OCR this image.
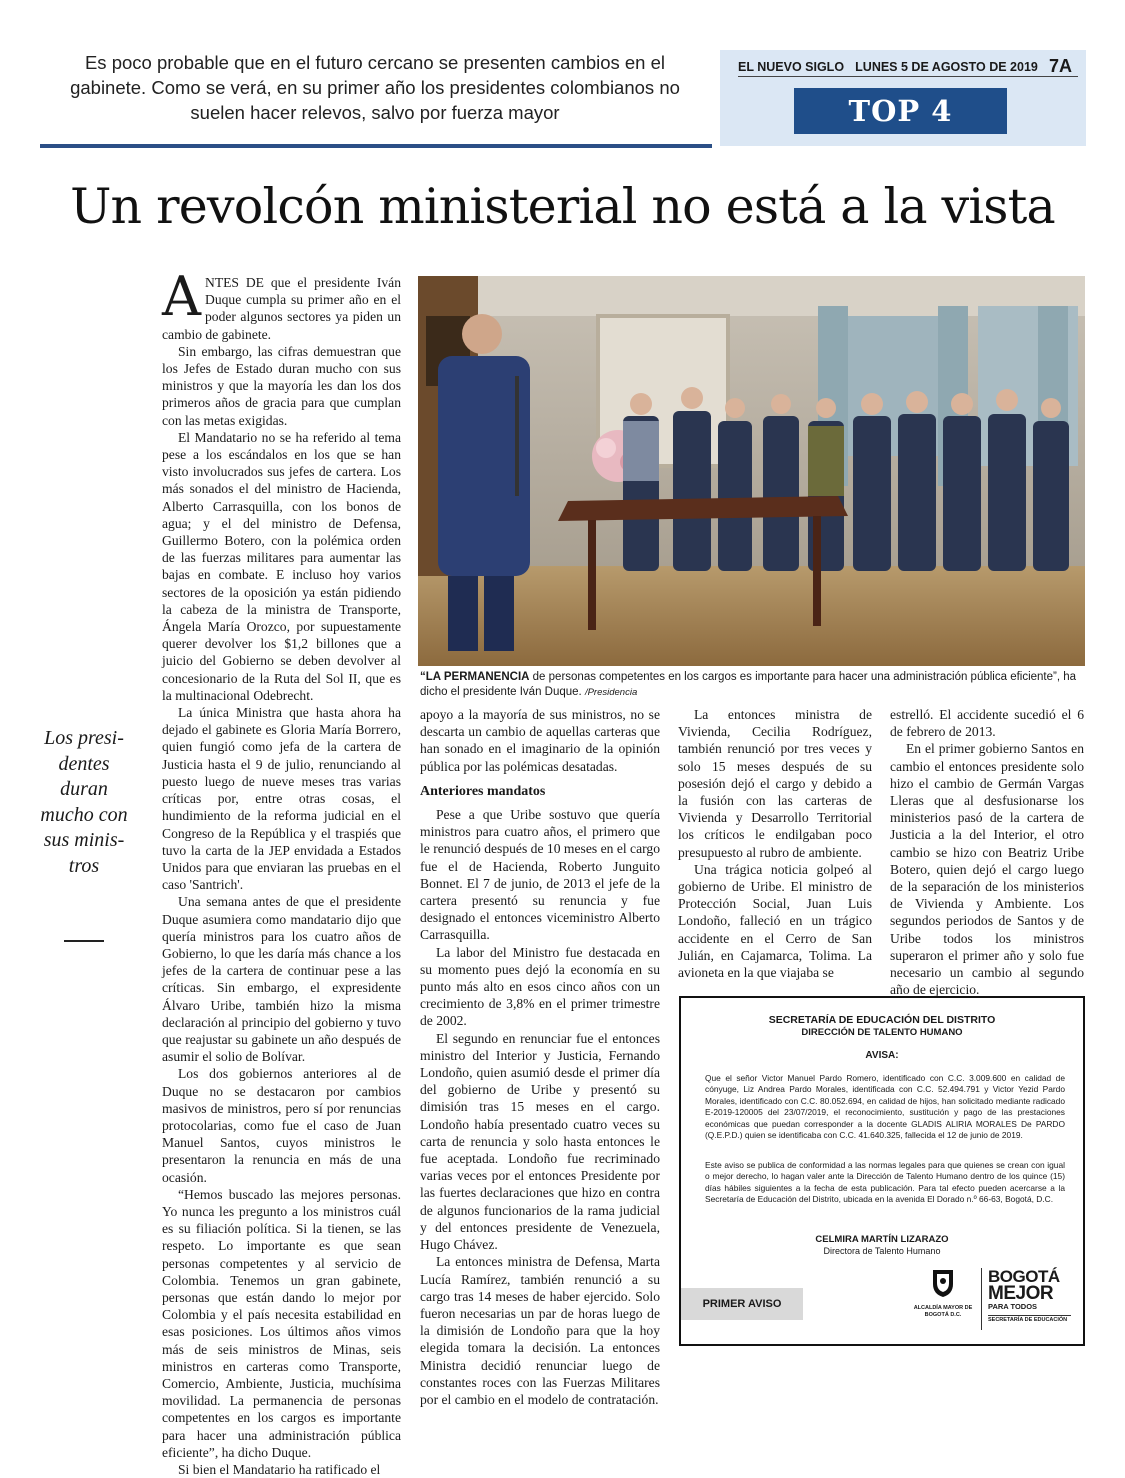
Es poco probable que en el futuro cercano se presenten cambios en el gabinete. Como se verá, en su primer año los presidentes colombianos no suelen hacer relevos, salvo por fuerza mayor
EL NUEVO SIGLO LUNES 5 DE AGOSTO DE 2019 7A
TOP 4
Un revolcón ministerial no está a la vista

ANTES DE que el presidente Iván Duque cumpla su primer año en el poder algunos sectores ya piden un cambio de gabinete.

Sin embargo, las cifras demuestran que los Jefes de Estado duran mucho con sus ministros y que la mayoría les dan los dos primeros años de gracia para que cumplan con las metas exigidas.

El Mandatario no se ha referido al tema pese a los escándalos en los que se han visto involucrados sus jefes de cartera. Los más sonados el del ministro de Hacienda, Alberto Carrasquilla, con los bonos de agua; y el del ministro de Defensa, Guillermo Botero, con la polémica orden de las fuerzas militares para aumentar las bajas en combate. E incluso hoy varios sectores de la oposición ya están pidiendo la cabeza de la ministra de Transporte, Ángela María Orozco, por supuestamente querer devolver los $1,2 billones que a juicio del Gobierno se deben devolver al concesionario de la Ruta del Sol II, que es la multinacional Odebrecht.

La única Ministra que hasta ahora ha dejado el gabinete es Gloria María Borrero, quien fungió como jefa de la cartera de Justicia hasta el 9 de julio, renunciando al puesto luego de nueve meses tras varias críticas por, entre otras cosas, el hundimiento de la reforma judicial en el Congreso de la República y el traspiés que tuvo la carta de la JEP envidada a Estados Unidos para que enviaran las pruebas en el caso 'Santrich'.

Una semana antes de que el presidente Duque asumiera como mandatario dijo que quería ministros para los cuatro años de Gobierno, lo que les daría más chance a los jefes de la cartera de continuar pese a las críticas. Sin embargo, el expresidente Álvaro Uribe, también hizo la misma declaración al principio del gobierno y tuvo que reajustar su gabinete un año después de asumir el solio de Bolívar.

Los dos gobiernos anteriores al de Duque no se destacaron por cambios masivos de ministros, pero sí por renuncias protocolarias, como fue el caso de Juan Manuel Santos, cuyos ministros le presentaron la renuncia en más de una ocasión.

“Hemos buscado las mejores personas. Yo nunca les pregunto a los ministros cuál es su filiación política. Si la tienen, se las respeto. Lo importante es que sean personas competentes y al servicio de Colombia. Tenemos un gran gabinete, personas que están dando lo mejor por Colombia y el país necesita estabilidad en esas posiciones. Los últimos años vimos más de seis ministros de Minas, seis ministros en carteras como Transporte, Comercio, Ambiente, Justicia, muchísima movilidad. La permanencia de personas competentes en los cargos es importante para hacer una administración pública eficiente”, ha dicho Duque.

Si bien el Mandatario ha ratificado el

“LA PERMANENCIA de personas competentes en los cargos es importante para hacer una administración pública eficiente”, ha dicho el presidente Iván Duque. /Presidencia
Los presi- dentes duran mucho con sus minis- tros

apoyo a la mayoría de sus ministros, no se descarta un cambio de aquellas carteras que han sonado en el imaginario de la opinión pública por las polémicas desatadas.

Anteriores mandatos

Pese a que Uribe sostuvo que quería ministros para cuatro años, el primero que le renunció después de 10 meses en el cargo fue el de Hacienda, Roberto Junguito Bonnet. El 7 de junio, de 2013 el jefe de la cartera presentó su renuncia y fue designado el entonces viceministro Alberto Carrasquilla.

La labor del Ministro fue destacada en su momento pues dejó la economía en su punto más alto en esos cinco años con un crecimiento de 3,8% en el primer trimestre de 2002.

El segundo en renunciar fue el entonces ministro del Interior y Justicia, Fernando Londoño, quien asumió desde el primer día del gobierno de Uribe y presentó su dimisión tras 15 meses en el cargo. Londoño había presentado cuatro veces su carta de renuncia y solo hasta entonces le fue aceptada. Londoño fue recriminado varias veces por el entonces Presidente por las fuertes declaraciones que hizo en contra de algunos funcionarios de la rama judicial y del entonces presidente de Venezuela, Hugo Chávez.

La entonces ministra de Defensa, Marta Lucía Ramírez, también renunció a su cargo tras 14 meses de haber ejercido. Solo fueron necesarias un par de horas luego de la dimisión de Londoño para que la hoy elegida tomara la decisión. La entonces Ministra decidió renunciar luego de constantes roces con las Fuerzas Militares por el cambio en el modelo de contratación.

La entonces ministra de Vivienda, Cecilia Rodríguez, también renunció por tres veces y solo 15 meses después de su posesión dejó el cargo y debido a la fusión con las carteras de Vivienda y Desarrollo Territorial los críticos le endilgaban poco presupuesto al rubro de ambiente.

Una trágica noticia golpeó al gobierno de Uribe. El ministro de Protección Social, Juan Luis Londoño, falleció en un trágico accidente en el Cerro de San Julián, en Cajamarca, Tolima. La avioneta en la que viajaba se

estrelló. El accidente sucedió el 6 de febrero de 2013.

En el primer gobierno Santos en cambio el entonces presidente solo hizo el cambio de Germán Vargas Lleras que al desfusionarse los ministerios pasó de la cartera de Justicia a la del Interior, el otro cambio se hizo con Beatriz Uribe Botero, quien dejó el cargo luego de la separación de los ministerios de Vivienda y Ambiente. Los segundos periodos de Santos y de Uribe todos los ministros superaron el primer año y solo fue necesario un cambio al segundo año de ejercicio.

SECRETARÍA DE EDUCACIÓN DEL DISTRITO
DIRECCIÓN DE TALENTO HUMANO
AVISA:
Que el señor Victor Manuel Pardo Romero, identificado con C.C. 3.009.600 en calidad de cónyuge, Liz Andrea Pardo Morales, identificada con C.C. 52.494.791 y Victor Yezid Pardo Morales, identificado con C.C. 80.052.694, en calidad de hijos, han solicitado mediante radicado E-2019-120005 del 23/07/2019, el reconocimiento, sustitución y pago de las prestaciones económicas que puedan corresponder a la docente GLADIS ALIRIA MORALES De PARDO (Q.E.P.D.) quien se identificaba con C.C. 41.640.325, fallecida el 12 de junio de 2019.
Este aviso se publica de conformidad a las normas legales para que quienes se crean con igual o mejor derecho, lo hagan valer ante la Dirección de Talento Humano dentro de los quince (15) días hábiles siguientes a la fecha de esta publicación. Para tal efecto pueden acercarse a la Secretaría de Educación del Distrito, ubicada en la avenida El Dorado n.º 66-63, Bogotá, D.C.
CELMIRA MARTÍN LIZARAZO
Directora de Talento Humano
PRIMER AVISO	ALCALDÍA MAYOR DE BOGOTÁ D.C.
BOGOTÁ
MEJOR
PARA TODOS
SECRETARÍA DE EDUCACIÓN
